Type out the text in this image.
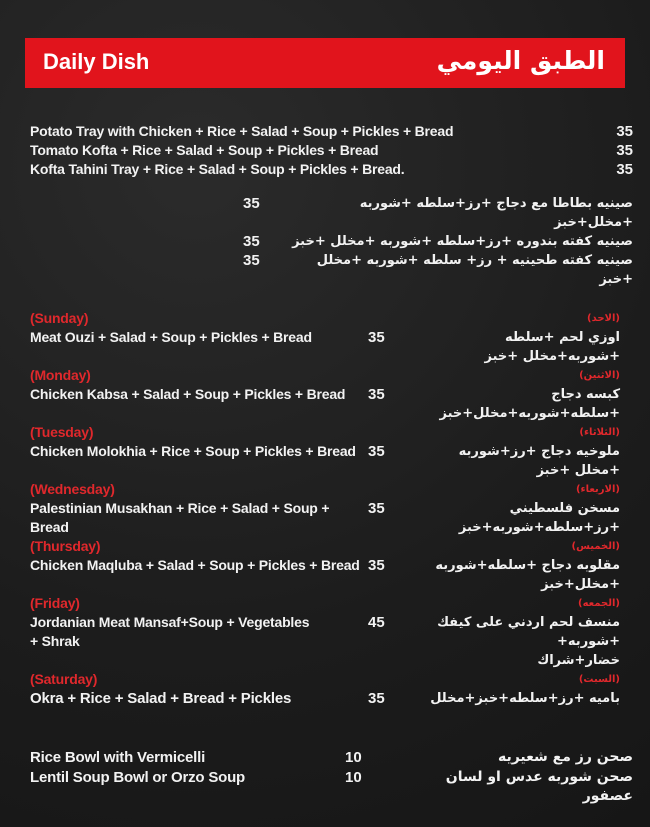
Daily Dish	الطبق اليومي
Potato Tray with Chicken + Rice + Salad + Soup + Pickles + Bread	35
Tomato Kofta + Rice + Salad + Soup + Pickles + Bread	35
Kofta Tahini Tray + Rice + Salad + Soup + Pickles + Bread.	35
35	صينيه بطاطا مع دجاج +رز+سلطه +شوربه +مخلل+خبز
35	صينيه كفته بندوره +رز+سلطه +شوربه +مخلل +خبز
35	صينيه كفته طحينيه + رز+ سلطه +شوربه +مخلل +خبز
(Sunday)	(الاحد)
Meat Ouzi + Salad + Soup + Pickles + Bread	35	اوزي لحم +سلطه +شوربه+مخلل +خبز
(Monday)	(الاثنين)
Chicken Kabsa + Salad + Soup + Pickles + Bread	35	كبسه دجاج +سلطه+شوربه+مخلل+خبز
(Tuesday)	(الثلاثاء)
Chicken Molokhia + Rice + Soup + Pickles + Bread 35	ملوخيه دجاج +رز+شوربه +مخلل +خبز
(Wednesday)	(الاربعاء)
Palestinian Musakhan + Rice + Salad + Soup + Bread
35	مسخن فلسطيني +رز+سلطه+شوربه+خبز
(Thursday)	(الخميس)
Chicken Maqluba + Salad + Soup + Pickles + Bread 35	مقلوبه دجاج +سلطه+شوربه +مخلل+خبز
(Friday)	(الجمعه)
Jordanian Meat Mansaf+Soup + Vegetables
+ Shrak
45	منسف لحم اردني على كيفك +شوربه+
خضار+شراك
(Saturday)	(السبت)
Okra + Rice + Salad + Bread + Pickles	35	باميه +رز+سلطه+خبز+مخلل
Rice Bowl with Vermicelli	10	صحن رز مع شعيريه
Lentil Soup Bowl or Orzo Soup	10	صحن شوربه عدس او لسان عصفور
